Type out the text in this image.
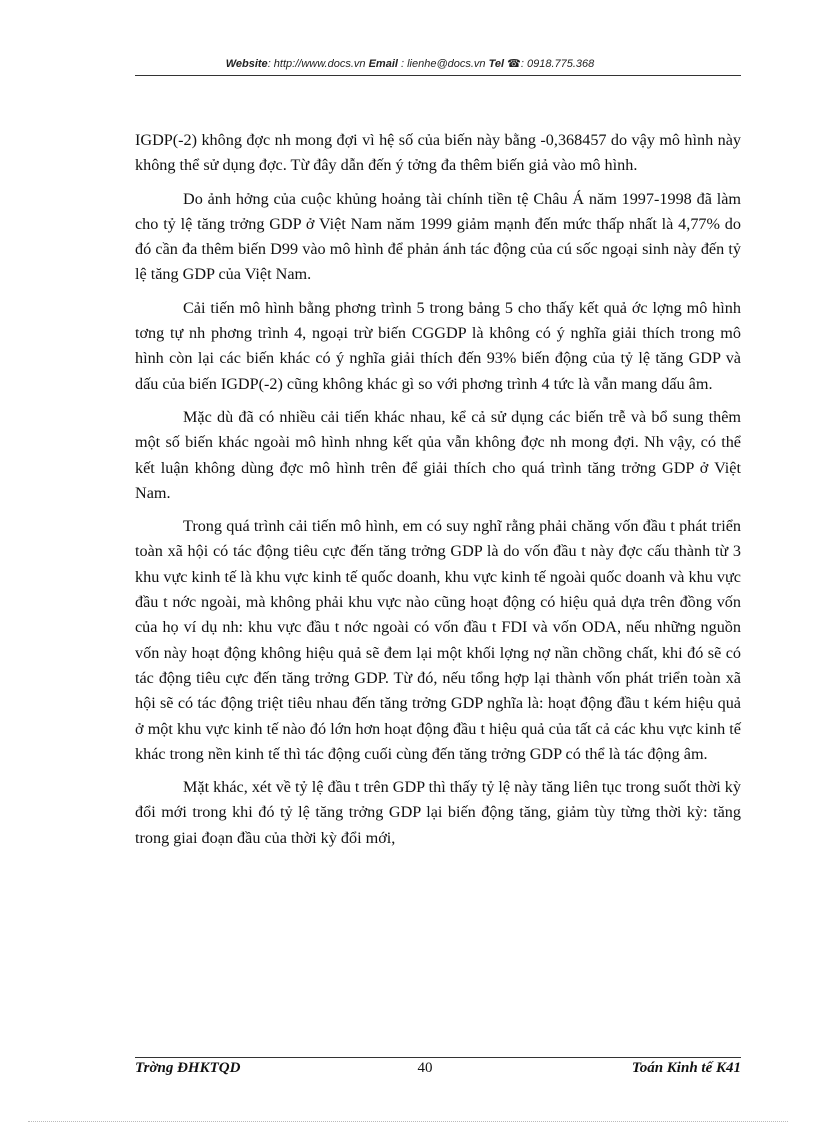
Website: http://www.docs.vn Email : lienhe@docs.vn Tel ☎: 0918.775.368

IGDP(-2) không đợc nh mong đợi vì hệ số của biến này bằng -0,368457 do vậy mô hình này không thể sử dụng đợc. Từ đây dẫn đến ý tởng đa thêm biến giả vào mô hình.

Do ảnh hởng của cuộc khủng hoảng tài chính tiền tệ Châu Á năm 1997-1998 đã làm cho tỷ lệ tăng trởng GDP ở Việt Nam năm 1999 giảm mạnh đến mức thấp nhất là 4,77% do đó cần đa thêm biến D99 vào mô hình để phản ánh tác động của cú sốc ngoại sinh này đến tỷ lệ tăng GDP của Việt Nam.

Cải tiến mô hình bằng phơng trình 5 trong bảng 5 cho thấy kết quả ớc lợng mô hình tơng tự nh phơng trình 4, ngoại trừ biến CGGDP là không có ý nghĩa giải thích trong mô hình còn lại các biến khác có ý nghĩa giải thích đến 93% biến động của tỷ lệ tăng GDP và dấu của biến IGDP(-2) cũng không khác gì so với phơng trình 4 tức là vẫn mang dấu âm.

Mặc dù đã có nhiều cải tiến khác nhau, kể cả sử dụng các biến trễ và bổ sung thêm một số biến khác ngoài mô hình nhng kết qủa vẫn không đợc nh mong đợi. Nh vậy, có thể kết luận không dùng đợc mô hình trên để giải thích cho quá trình tăng trởng GDP ở Việt Nam.

Trong quá trình cải tiến mô hình, em có suy nghĩ rằng phải chăng vốn đầu t phát triển toàn xã hội có tác động tiêu cực đến tăng trởng GDP là do vốn đầu t này đợc cấu thành từ 3 khu vực kinh tế là khu vực kinh tế quốc doanh, khu vực kinh tế ngoài quốc doanh và khu vực đầu t nớc ngoài, mà không phải khu vực nào cũng hoạt động có hiệu quả dựa trên đồng vốn của họ ví dụ nh: khu vực đầu t nớc ngoài có vốn đầu t FDI và vốn ODA, nếu những nguồn vốn này hoạt động không hiệu quả sẽ đem lại một khối lợng nợ nần chồng chất, khi đó sẽ có tác động tiêu cực đến tăng trởng GDP. Từ đó, nếu tổng hợp lại thành vốn phát triển toàn xã hội sẽ có tác động triệt tiêu nhau đến tăng trởng GDP nghĩa là: hoạt động đầu t kém hiệu quả ở một khu vực kinh tế nào đó lớn hơn hoạt động đầu t hiệu quả của tất cả các khu vực kinh tế khác trong nền kinh tế thì tác động cuối cùng đến tăng trởng GDP có thể là tác động âm.

Mặt khác, xét về tỷ lệ đầu t trên GDP thì thấy tỷ lệ này tăng liên tục trong suốt thời kỳ đổi mới trong khi đó tỷ lệ tăng trởng GDP lại biến động tăng, giảm tùy từng thời kỳ: tăng trong giai đoạn đầu của thời kỳ đổi mới,

Trờng ĐHKTQD	40	Toán Kinh tế K41
